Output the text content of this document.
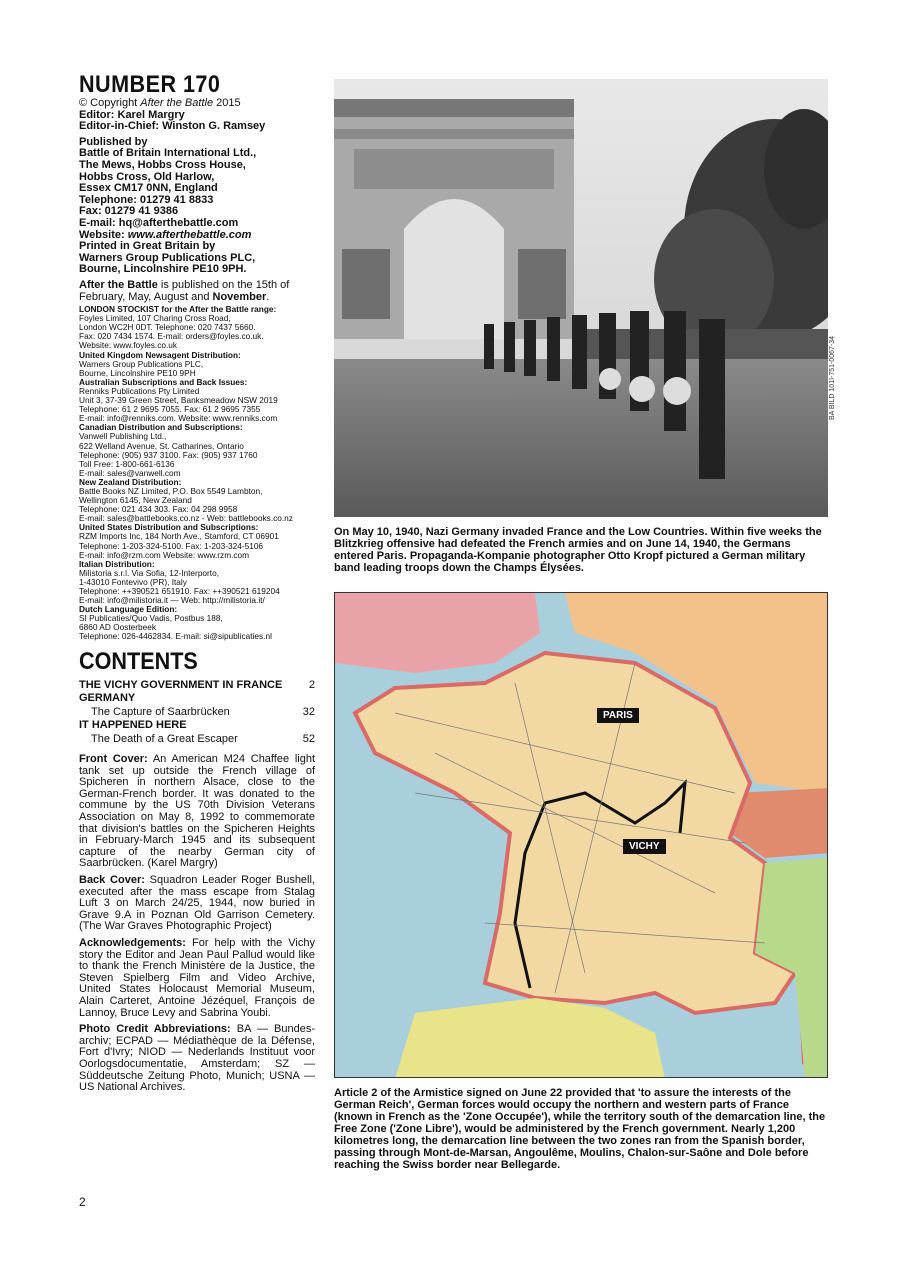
NUMBER 170

© Copyright After the Battle 2015

Editor: Karel Margry

Editor-in-Chief: Winston G. Ramsey

Published by

Battle of Britain International Ltd.,

The Mews, Hobbs Cross House,

Hobbs Cross, Old Harlow,

Essex CM17 0NN, England

Telephone: 01279 41 8833

Fax: 01279 41 9386

E-mail: hq@afterthebattle.com

Website: www.afterthebattle.com

Printed in Great Britain by

Warners Group Publications PLC,

Bourne, Lincolnshire PE10 9PH.

After the Battle is published on the 15th of February, May, August and November.

LONDON STOCKIST for the After the Battle range:

Foyles Limited, 107 Charing Cross Road,

London WC2H 0DT. Telephone: 020 7437 5660.

Fax: 020 7434 1574. E-mail: orders@foyles.co.uk.

Website: www.foyles.co.uk

United Kingdom Newsagent Distribution:

Warners Group Publications PLC,

Bourne, Lincolnshire PE10 9PH

Australian Subscriptions and Back Issues:

Renniks Publications Pty Limited

Unit 3, 37-39 Green Street, Banksmeadow NSW 2019

Telephone: 61 2 9695 7055. Fax: 61 2 9695 7355

E-mail: info@renniks.com. Website: www.renniks.com

Canadian Distribution and Subscriptions:

Vanwell Publishing Ltd.,

622 Welland Avenue, St. Catharines, Ontario

Telephone: (905) 937 3100. Fax: (905) 937 1760

Toll Free: 1-800-661-6136

E-mail: sales@vanwell.com

New Zealand Distribution:

Battle Books NZ Limited, P.O. Box 5549 Lambton,

Wellington 6145, New Zealand

Telephone: 021 434 303. Fax: 04 298 9958

E-mail: sales@battlebooks.co.nz - Web: battlebooks.co.nz

United States Distribution and Subscriptions:

RZM Imports Inc, 184 North Ave., Stamford, CT 06901

Telephone: 1-203-324-5100. Fax: 1-203-324-5106

E-mail: info@rzm.com Website: www.rzm.com

Italian Distribution:

Milistoria s.r.l. Via Sofia, 12-Interporto,

1-43010 Fontevivo (PR), Italy

Telephone: ++390521 651910. Fax: ++390521 619204

E-mail: info@milistoria.it — Web: http://milistoria.it/

Dutch Language Edition:

SI Publicaties/Quo Vadis, Postbus 188,

6860 AD Oosterbeek

Telephone: 026-4462834. E-mail: si@sipublicaties.nl

CONTENTS
THE VICHY GOVERNMENT IN FRANCE 2
GERMANY
The Capture of Saarbrücken	32
IT HAPPENED HERE
The Death of a Great Escaper	52

Front Cover: An American M24 Chaffee light tank set up outside the French village of Spicheren in northern Alsace, close to the German-French border. It was donated to the commune by the US 70th Division Veterans Association on May 8, 1992 to commemorate that division's battles on the Spicheren Heights in February-March 1945 and its subsequent capture of the nearby German city of Saarbrücken. (Karel Margry)

Back Cover: Squadron Leader Roger Bushell, executed after the mass escape from Stalag Luft 3 on March 24/25, 1944, now buried in Grave 9.A in Poznan Old Garrison Cemetery. (The War Graves Photographic Project)

Acknowledgements: For help with the Vichy story the Editor and Jean Paul Pallud would like to thank the French Ministère de la Justice, the Steven Spielberg Film and Video Archive, United States Holocaust Memorial Museum, Alain Carteret, Antoine Jézéquel, François de Lannoy, Bruce Levy and Sabrina Youbi.

Photo Credit Abbreviations: BA — Bundes-archiv; ECPAD — Médiathèque de la Défense, Fort d'Ivry; NIOD — Nederlands Instituut voor Oorlogsdocumentatie, Amsterdam; SZ — Süddeutsche Zeitung Photo, Munich; USNA — US National Archives.

BA BILD 101I-751-0067-34

On May 10, 1940, Nazi Germany invaded France and the Low Countries. Within five weeks the Blitzkrieg offensive had defeated the French armies and on June 14, 1940, the Germans entered Paris. Propaganda-Kompanie photographer Otto Kropf pictured a German military band leading troops down the Champs Élysées.

PARIS
VICHY

Article 2 of the Armistice signed on June 22 provided that 'to assure the interests of the German Reich', German forces would occupy the northern and western parts of France (known in French as the 'Zone Occupée'), while the territory south of the demarcation line, the Free Zone ('Zone Libre'), would be administered by the French government. Nearly 1,200 kilometres long, the demarcation line between the two zones ran from the Spanish border, passing through Mont-de-Marsan, Angoulême, Moulins, Chalon-sur-Saône and Dole before reaching the Swiss border near Bellegarde.

2
